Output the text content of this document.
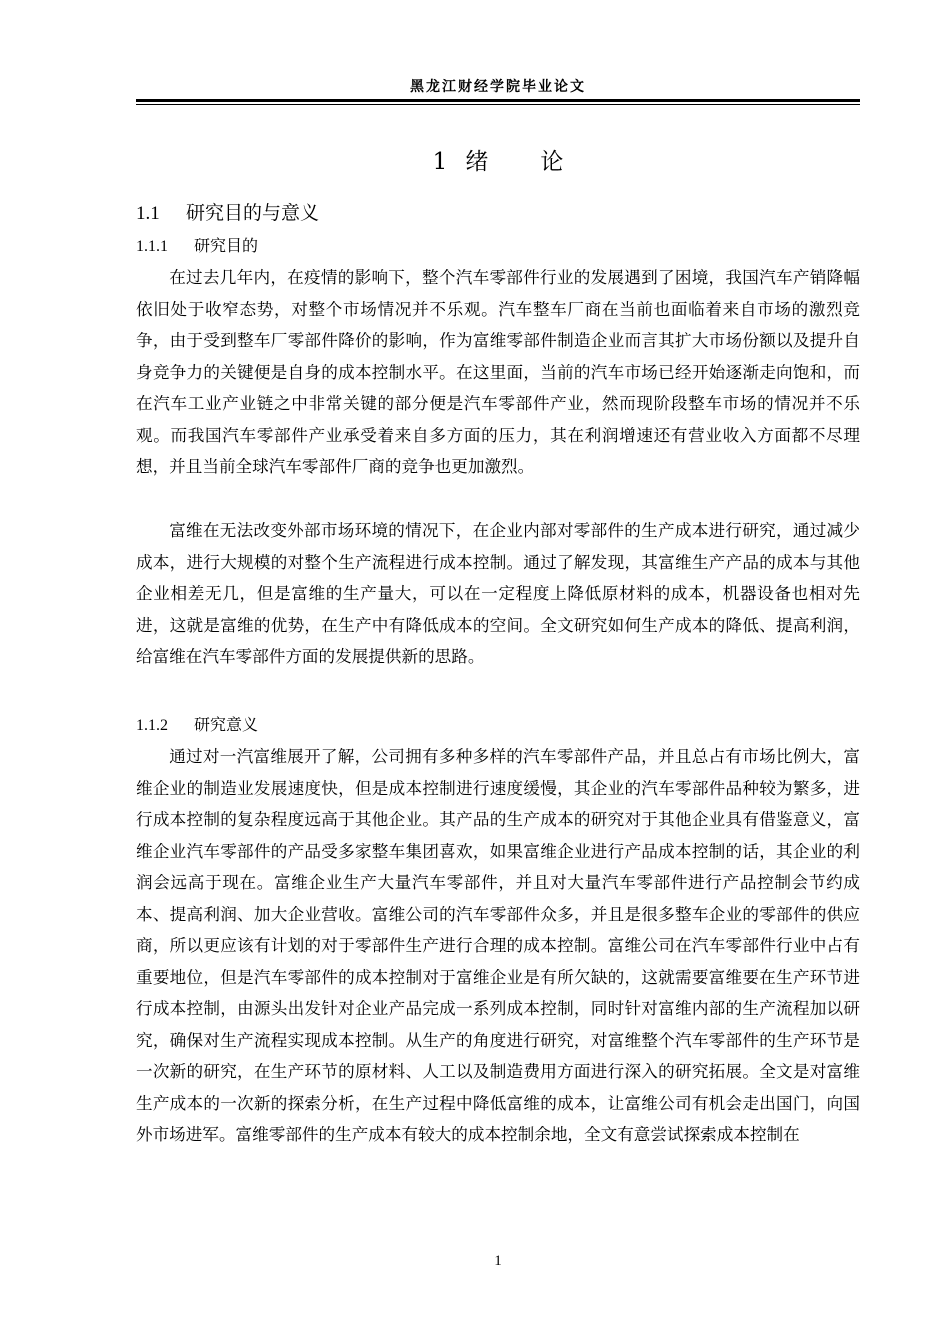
黑龙江财经学院毕业论文
1 绪 论
1.1 研究目的与意义
1.1.1 研究目的

在过去几年内，在疫情的影响下，整个汽车零部件行业的发展遇到了困境，我国汽车产销降幅依旧处于收窄态势，对整个市场情况并不乐观。汽车整车厂商在当前也面临着来自市场的激烈竞争，由于受到整车厂零部件降价的影响，作为富维零部件制造企业而言其扩大市场份额以及提升自身竞争力的关键便是自身的成本控制水平。在这里面，当前的汽车市场已经开始逐渐走向饱和，而在汽车工业产业链之中非常关键的部分便是汽车零部件产业，然而现阶段整车市场的情况并不乐观。而我国汽车零部件产业承受着来自多方面的压力，其在利润增速还有营业收入方面都不尽理想，并且当前全球汽车零部件厂商的竞争也更加激烈。

富维在无法改变外部市场环境的情况下，在企业内部对零部件的生产成本进行研究，通过减少成本，进行大规模的对整个生产流程进行成本控制。通过了解发现，其富维生产产品的成本与其他企业相差无几，但是富维的生产量大，可以在一定程度上降低原材料的成本，机器设备也相对先进，这就是富维的优势，在生产中有降低成本的空间。全文研究如何生产成本的降低、提高利润，给富维在汽车零部件方面的发展提供新的思路。

1.1.2 研究意义

通过对一汽富维展开了解，公司拥有多种多样的汽车零部件产品，并且总占有市场比例大，富维企业的制造业发展速度快，但是成本控制进行速度缓慢，其企业的汽车零部件品种较为繁多，进行成本控制的复杂程度远高于其他企业。其产品的生产成本的研究对于其他企业具有借鉴意义，富维企业汽车零部件的产品受多家整车集团喜欢，如果富维企业进行产品成本控制的话，其企业的利润会远高于现在。富维企业生产大量汽车零部件，并且对大量汽车零部件进行产品控制会节约成本、提高利润、加大企业营收。富维公司的汽车零部件众多，并且是很多整车企业的零部件的供应商，所以更应该有计划的对于零部件生产进行合理的成本控制。富维公司在汽车零部件行业中占有重要地位，但是汽车零部件的成本控制对于富维企业是有所欠缺的，这就需要富维要在生产环节进行成本控制，由源头出发针对企业产品完成一系列成本控制，同时针对富维内部的生产流程加以研究，确保对生产流程实现成本控制。从生产的角度进行研究，对富维整个汽车零部件的生产环节是一次新的研究，在生产环节的原材料、人工以及制造费用方面进行深入的研究拓展。全文是对富维生产成本的一次新的探索分析，在生产过程中降低富维的成本，让富维公司有机会走出国门，向国外市场进军。富维零部件的生产成本有较大的成本控制余地，全文有意尝试探索成本控制在

1
